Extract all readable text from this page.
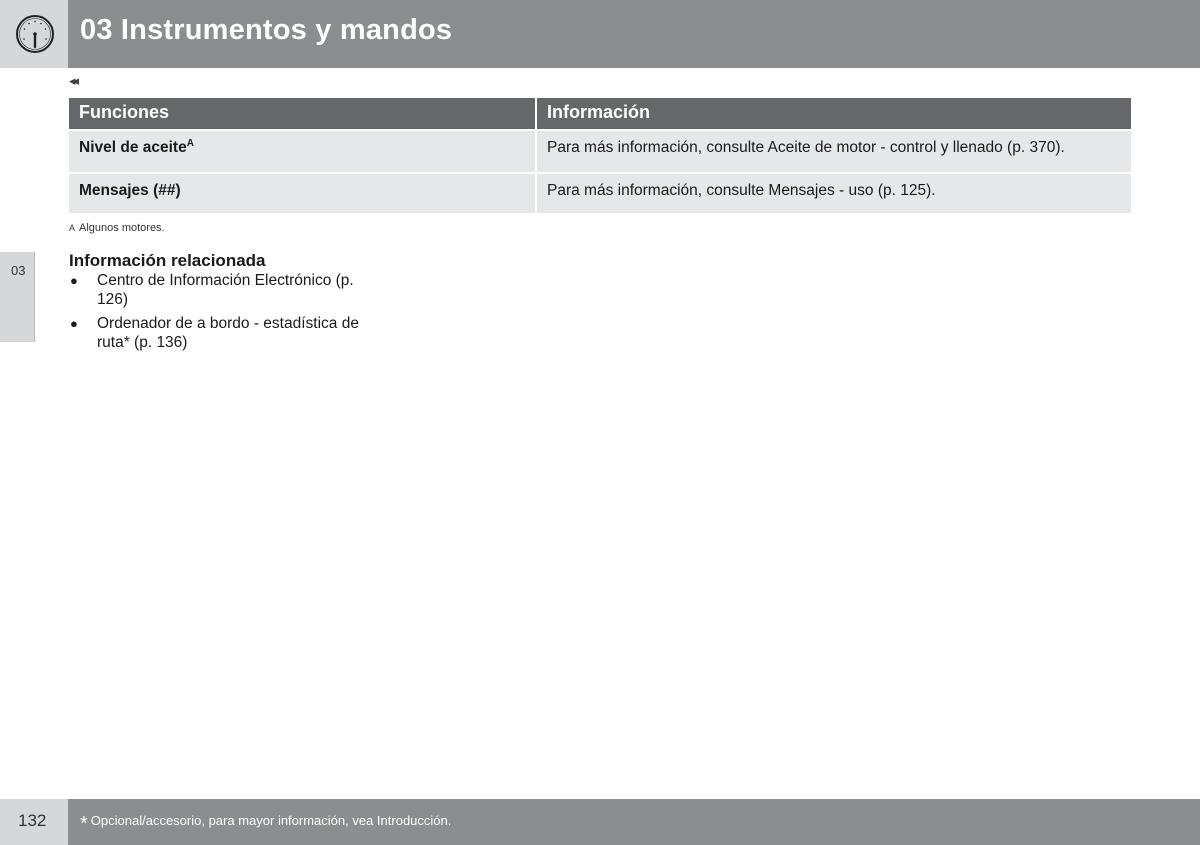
03 Instrumentos y mandos
◂◂
Funciones	Información
Nivel de aceite$^A$	Para más información, consulte Aceite de motor - control y llenado (p. 370).
Mensajes (##)	Para más información, consulte Mensajes - uso (p. 125).
A Algunos motores.
03
Información relacionada
● Centro de Información Electrónico (p. 126)
● Ordenador de a bordo - estadística de ruta* (p. 136)
132 * Opcional/accesorio, para mayor información, vea Introducción.
